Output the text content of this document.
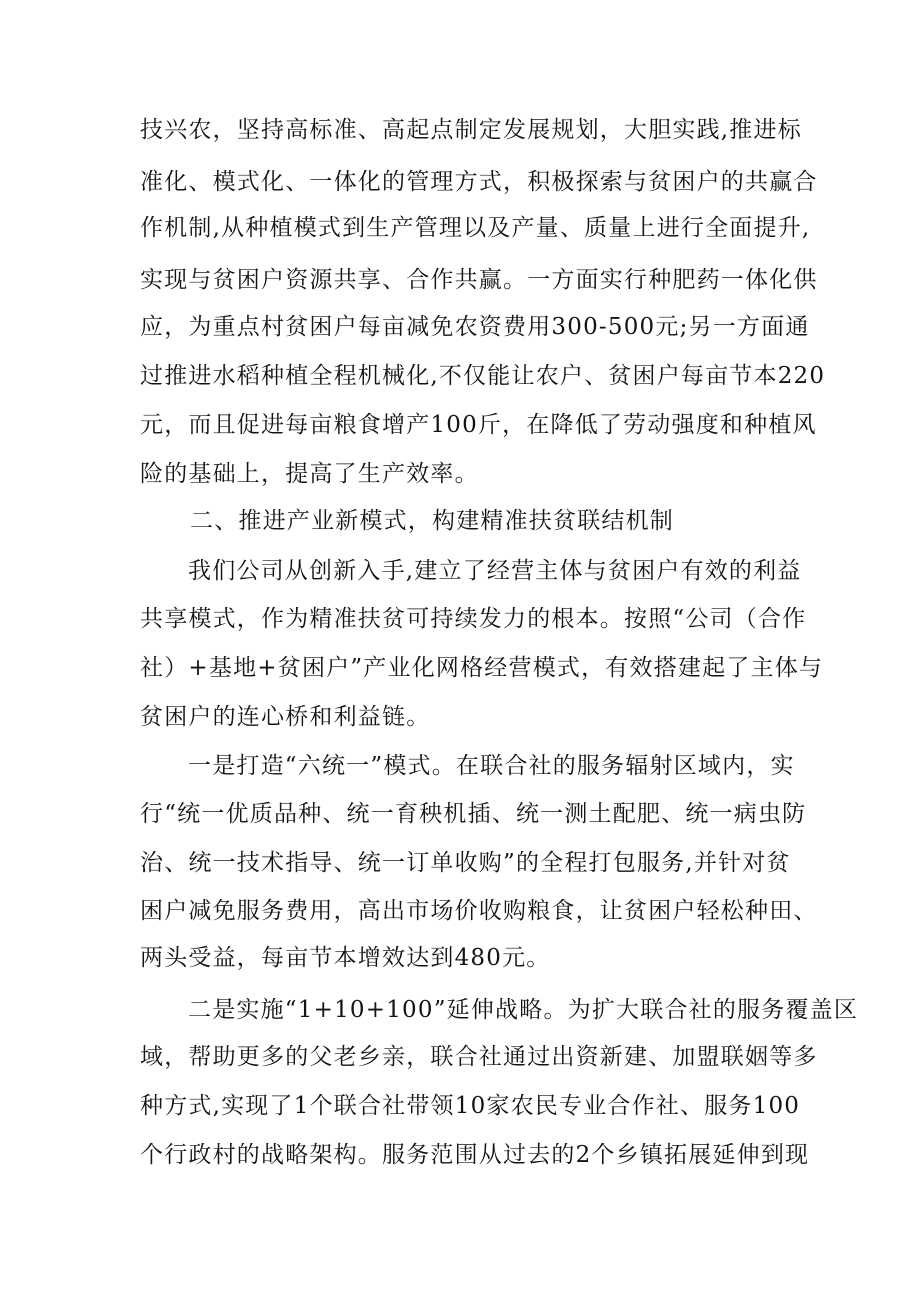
技兴农，坚持高标准、高起点制定发展规划，大胆实践,推进标
准化、模式化、一体化的管理方式，积极探索与贫困户的共赢合
作机制,从种植模式到生产管理以及产量、质量上进行全面提升,
实现与贫困户资源共享、合作共赢。一方面实行种肥药一体化供
应，为重点村贫困户每亩减免农资费用300-500元;另一方面通
过推进水稻种植全程机械化,不仅能让农户、贫困户每亩节本220
元，而且促进每亩粮食增产100斤，在降低了劳动强度和种植风
险的基础上，提高了生产效率。
二、推进产业新模式，构建精准扶贫联结机制
我们公司从创新入手,建立了经营主体与贫困户有效的利益
共享模式，作为精准扶贫可持续发力的根本。按照“公司（合作
社）+基地+贫困户”产业化网格经营模式，有效搭建起了主体与
贫困户的连心桥和利益链。
一是打造“六统一”模式。在联合社的服务辐射区域内，实
行“统一优质品种、统一育秧机插、统一测土配肥、统一病虫防
治、统一技术指导、统一订单收购”的全程打包服务,并针对贫
困户减免服务费用，高出市场价收购粮食，让贫困户轻松种田、
两头受益，每亩节本增效达到480元。
二是实施“1+10+100”延伸战略。为扩大联合社的服务覆盖区
域，帮助更多的父老乡亲，联合社通过出资新建、加盟联姻等多
种方式,实现了1个联合社带领10家农民专业合作社、服务100
个行政村的战略架构。服务范围从过去的2个乡镇拓展延伸到现
